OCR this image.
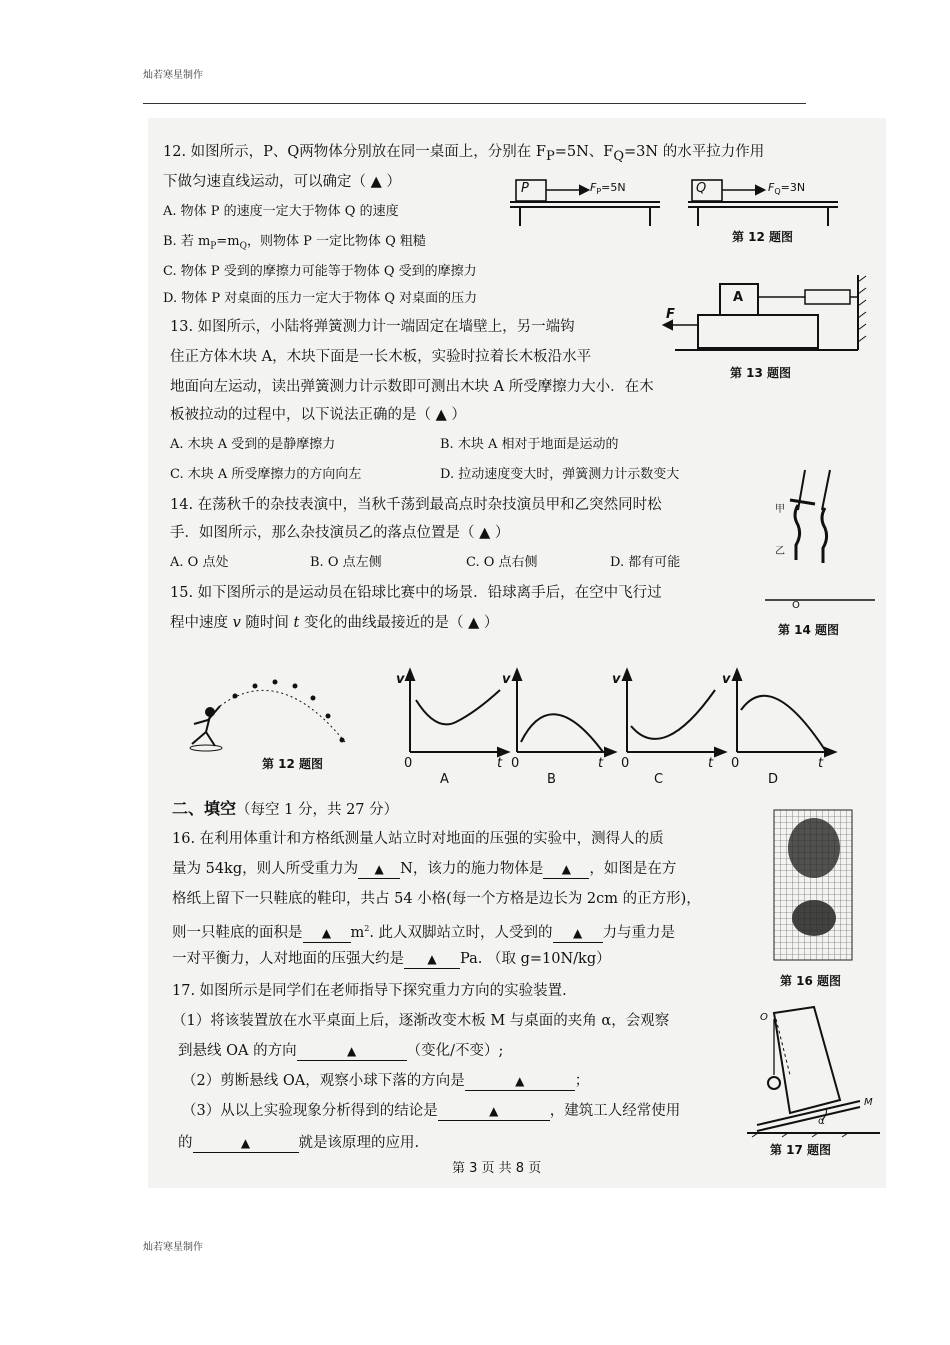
灿若寒星制作
12. 如图所示，P、Q两物体分别放在同一桌面上，分别在 $F_P=5N$、$F_Q=3N$ 的水平拉力作用
下做匀速直线运动，可以确定（ ▲ ）
A. 物体 P 的速度一定大于物体 Q 的速度
B. 若 $m_P=m_Q$，则物体 P 一定比物体 Q 粗糙
C. 物体 P 受到的摩擦力可能等于物体 Q 受到的摩擦力
D. 物体 P 对桌面的压力一定大于物体 Q 对桌面的压力
P	$F_P=5N$	Q	$F_Q=3N$
第 12 题图
13. 如图所示，小陆将弹簧测力计一端固定在墙壁上，另一端钩
住正方体木块 A，木块下面是一长木板，实验时拉着长木板沿水平
地面向左运动，读出弹簧测力计示数即可测出木块 A 所受摩擦力大小．在木
板被拉动的过程中，以下说法正确的是（ ▲ ）
A. 木块 A 受到的是静摩擦力	B. 木块 A 相对于地面是运动的
C. 木块 A 所受摩擦力的方向向左	D. 拉动速度变大时，弹簧测力计示数变大
A
F
第 13 题图
14. 在荡秋千的杂技表演中，当秋千荡到最高点时杂技演员甲和乙突然同时松
手．如图所示，那么杂技演员乙的落点位置是（ ▲ ）
A. O 点处	B. O 点左侧	C. O 点右侧	D. 都有可能
甲
乙
O
第 14 题图
15. 如下图所示的是运动员在铅球比赛中的场景．铅球离手后，在空中飞行过
程中速度 v 随时间 t 变化的曲线最接近的是（ ▲ ）
第 12 题图
v
0	t
A
v
0	t
B
v
0	t
C
v
0	t
D
二、填空（每空 1 分，共 27 分）
16. 在利用体重计和方格纸测量人站立时对地面的压强的实验中，测得人的质
量为 54kg，则人所受重力为 ▲ N，该力的施力物体是 ▲ ，如图是在方
格纸上留下一只鞋底的鞋印，共占 54 小格(每一个方格是边长为 2cm 的正方形)，
则一只鞋底的面积是 ▲ $m^2$. 此人双脚站立时，人受到的 ▲ 力与重力是
一对平衡力，人对地面的压强大约是 ▲ Pa. （取 g=10N/kg）
第 16 题图
17. 如图所示是同学们在老师指导下探究重力方向的实验装置.
（1）将该装置放在水平桌面上后，逐渐改变木板 M 与桌面的夹角 α，会观察
到悬线 OA 的方向	▲	（变化/不变）;
（2）剪断悬线 OA，观察小球下落的方向是	▲	；
（3）从以上实验现象分析得到的结论是	▲	，建筑工人经常使用
的	▲	就是该原理的应用.
O
M
α
第 17 题图
第 3 页 共 8 页
灿若寒星制作
